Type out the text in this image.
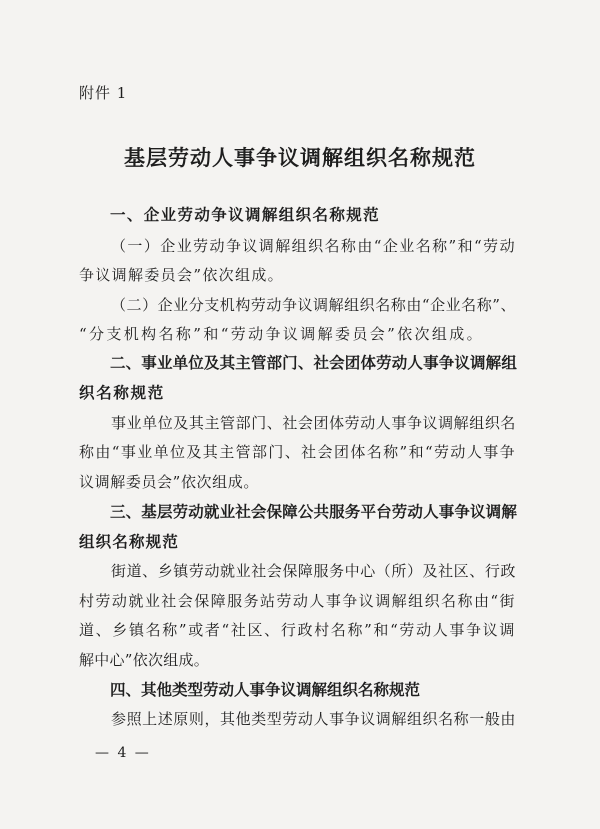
附件 1
基层劳动人事争议调解组织名称规范
一、企业劳动争议调解组织名称规范
（一）企业劳动争议调解组织名称由“企业名称”和“劳动
争议调解委员会”依次组成。
（二）企业分支机构劳动争议调解组织名称由“企业名称”、
“分支机构名称”和“劳动争议调解委员会”依次组成。
二、事业单位及其主管部门、社会团体劳动人事争议调解组
织名称规范
事业单位及其主管部门、社会团体劳动人事争议调解组织名
称由“事业单位及其主管部门、社会团体名称”和“劳动人事争
议调解委员会”依次组成。
三、基层劳动就业社会保障公共服务平台劳动人事争议调解
组织名称规范
街道、乡镇劳动就业社会保障服务中心（所）及社区、行政
村劳动就业社会保障服务站劳动人事争议调解组织名称由“街
道、乡镇名称”或者“社区、行政村名称”和“劳动人事争议调
解中心”依次组成。
四、其他类型劳动人事争议调解组织名称规范
参照上述原则，其他类型劳动人事争议调解组织名称一般由
— 4 —
